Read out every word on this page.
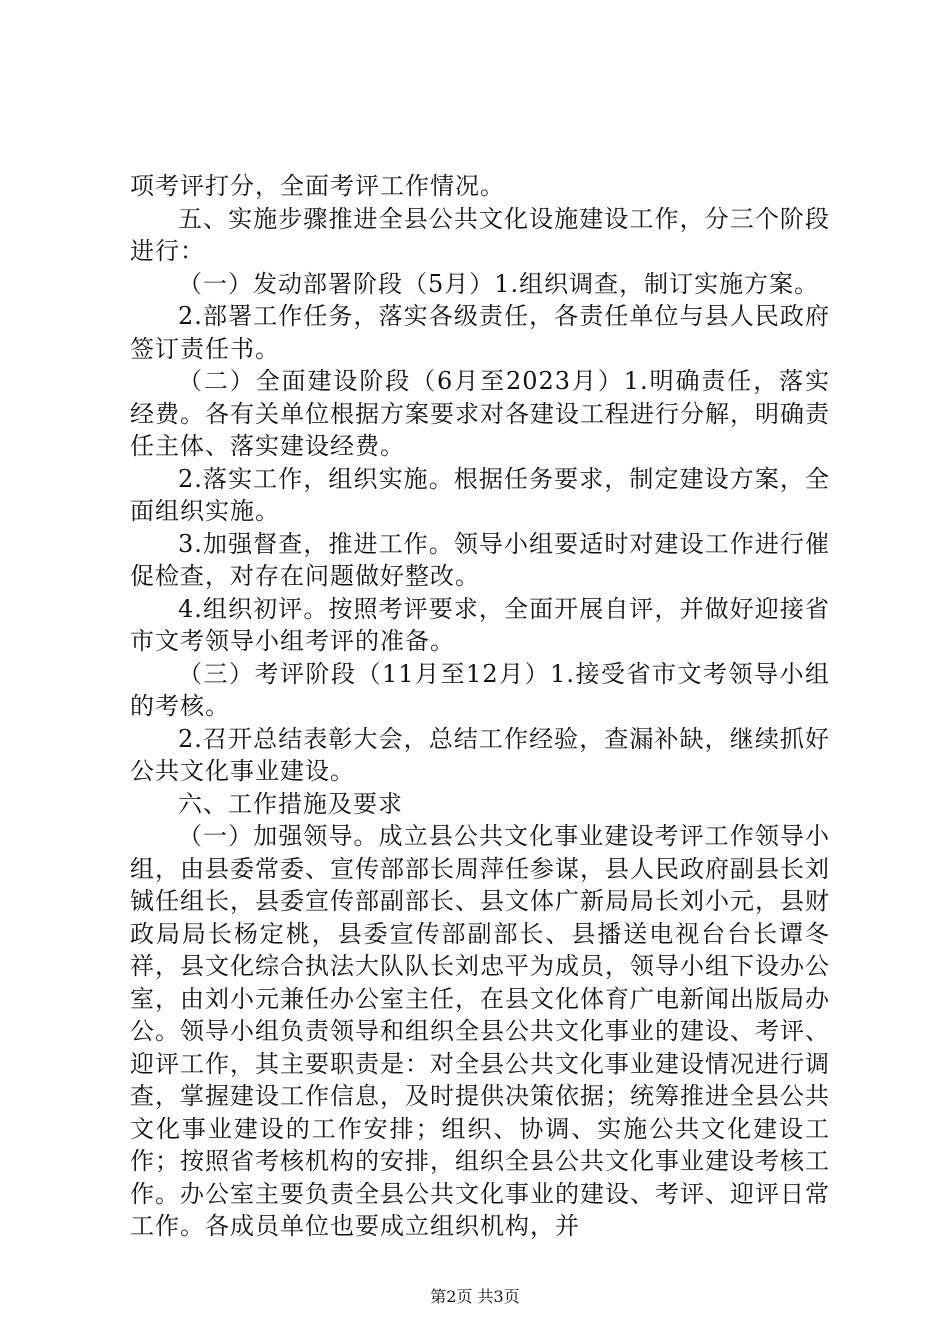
项考评打分，全面考评工作情况。

五、实施步骤推进全县公共文化设施建设工作，分三个阶段进行：

（一）发动部署阶段（5月）1.组织调查，制订实施方案。

2.部署工作任务，落实各级责任，各责任单位与县人民政府签订责任书。

（二）全面建设阶段（6月至2023月）1.明确责任，落实经费。各有关单位根据方案要求对各建设工程进行分解，明确责任主体、落实建设经费。

2.落实工作，组织实施。根据任务要求，制定建设方案，全面组织实施。

3.加强督查，推进工作。领导小组要适时对建设工作进行催促检查，对存在问题做好整改。

4.组织初评。按照考评要求，全面开展自评，并做好迎接省市文考领导小组考评的准备。

（三）考评阶段（11月至12月）1.接受省市文考领导小组的考核。

2.召开总结表彰大会，总结工作经验，查漏补缺，继续抓好公共文化事业建设。

六、工作措施及要求

（一）加强领导。成立县公共文化事业建设考评工作领导小组，由县委常委、宣传部部长周萍任参谋，县人民政府副县长刘铖任组长，县委宣传部副部长、县文体广新局局长刘小元，县财政局局长杨定桃，县委宣传部副部长、县播送电视台台长谭冬祥，县文化综合执法大队队长刘忠平为成员，领导小组下设办公室，由刘小元兼任办公室主任，在县文化体育广电新闻出版局办公。领导小组负责领导和组织全县公共文化事业的建设、考评、迎评工作，其主要职责是：对全县公共文化事业建设情况进行调查，掌握建设工作信息，及时提供决策依据；统筹推进全县公共文化事业建设的工作安排；组织、协调、实施公共文化建设工作；按照省考核机构的安排，组织全县公共文化事业建设考核工作。办公室主要负责全县公共文化事业的建设、考评、迎评日常工作。各成员单位也要成立组织机构，并

第2页 共3页
